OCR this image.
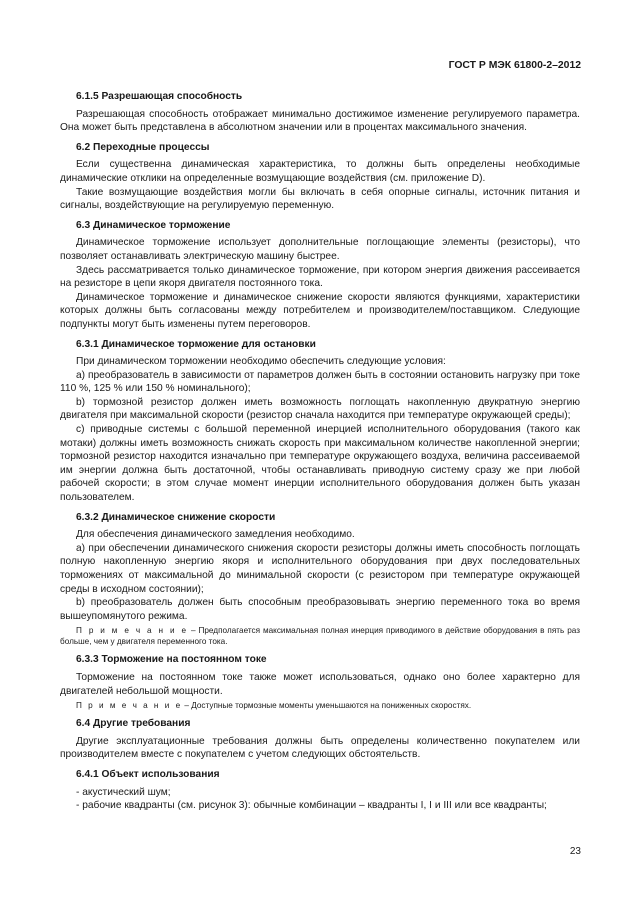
ГОСТ Р МЭК 61800-2–2012
6.1.5 Разрешающая способность

Разрешающая способность отображает минимально достижимое изменение регулируемого параметра. Она может быть представлена в абсолютном значении или в процентах максимального значения.

6.2 Переходные процессы

Если существенна динамическая характеристика, то должны быть определены необходимые динамические отклики на определенные возмущающие воздействия (см. приложение D).

Такие возмущающие воздействия могли бы включать в себя опорные сигналы, источник питания и сигналы, воздействующие на регулируемую переменную.

6.3 Динамическое торможение

Динамическое торможение использует дополнительные поглощающие элементы (резисторы), что позволяет останавливать электрическую машину быстрее.

Здесь рассматривается только динамическое торможение, при котором энергия движения рассеивается на резисторе в цепи якоря двигателя постоянного тока.

Динамическое торможение и динамическое снижение скорости являются функциями, характеристики которых должны быть согласованы между потребителем и производителем/поставщиком. Следующие подпункты могут быть изменены путем переговоров.

6.3.1 Динамическое торможение для остановки

При динамическом торможении необходимо обеспечить следующие условия:

a) преобразователь в зависимости от параметров должен быть в состоянии остановить нагрузку при токе 110 %, 125 % или 150 % номинального);

b) тормозной резистор должен иметь возможность поглощать накопленную двукратную энергию двигателя при максимальной скорости (резистор сначала находится при температуре окружающей среды);

c) приводные системы с большой переменной инерцией исполнительного оборудования (такого как мотаки) должны иметь возможность снижать скорость при максимальном количестве накопленной энергии; тормозной резистор находится изначально при температуре окружающего воздуха, величина рассеиваемой им энергии должна быть достаточной, чтобы останавливать приводную систему сразу же при любой рабочей скорости; в этом случае момент инерции исполнительного оборудования должен быть указан пользователем.

6.3.2 Динамическое снижение скорости

Для обеспечения динамического замедления необходимо.

a) при обеспечении динамического снижения скорости резисторы должны иметь способность поглощать полную накопленную энергию якоря и исполнительного оборудования при двух последовательных торможениях от максимальной до минимальной скорости (с резистором при температуре окружающей среды в исходном состоянии);

b) преобразователь должен быть способным преобразовывать энергию переменного тока во время вышеупомянутого режима.

П р и м е ч а н и е – Предполагается максимальная полная инерция приводимого в действие оборудования в пять раз больше, чем у двигателя переменного тока.

6.3.3 Торможение на постоянном токе

Торможение на постоянном токе также может использоваться, однако оно более характерно для двигателей небольшой мощности.

П р и м е ч а н и е – Доступные тормозные моменты уменьшаются на пониженных скоростях.

6.4 Другие требования

Другие эксплуатационные требования должны быть определены количественно покупателем или производителем вместе с покупателем с учетом следующих обстоятельств.

6.4.1 Объект использования

- акустический шум;

- рабочие квадранты (см. рисунок 3): обычные комбинации – квадранты I, I и III или все квадранты;

23
